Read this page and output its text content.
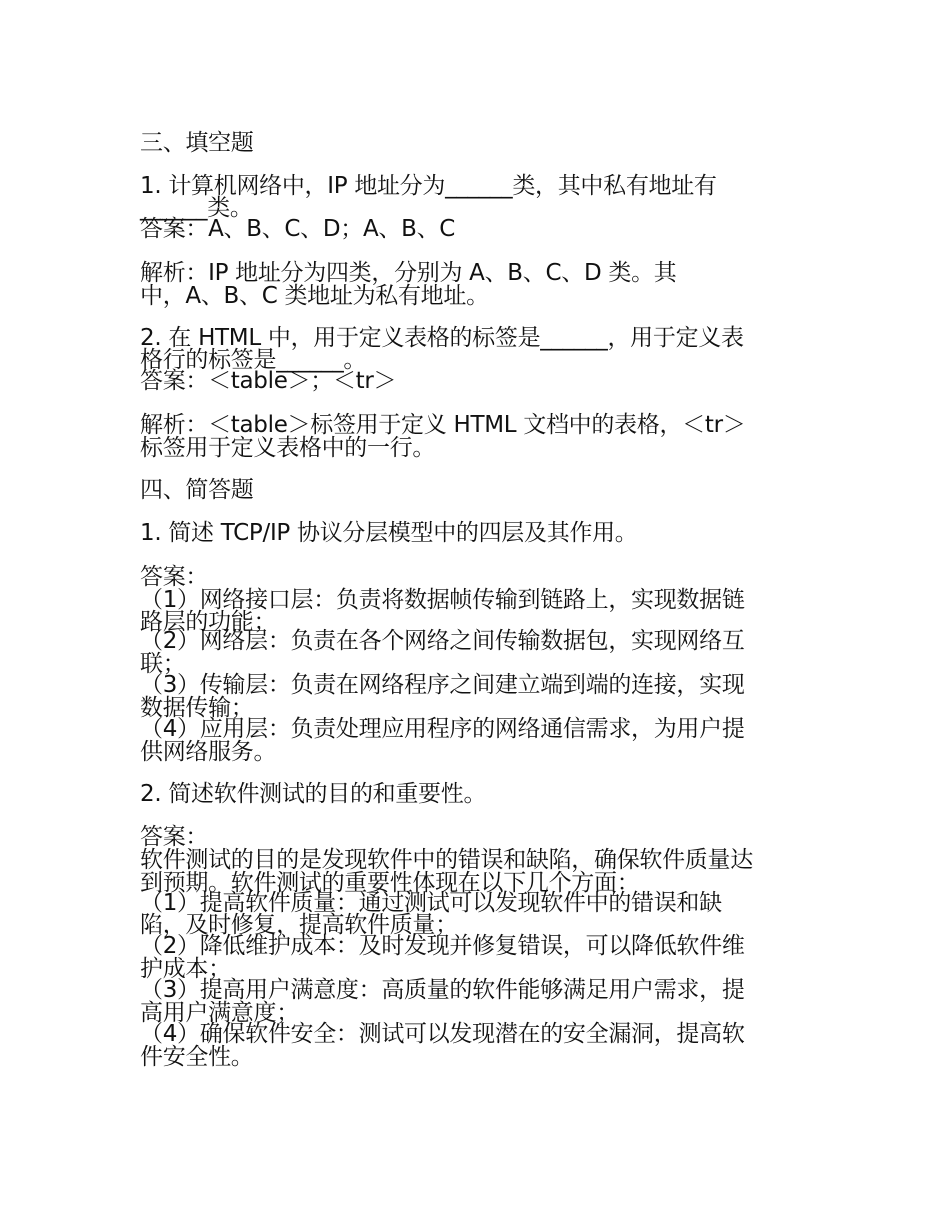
三、填空题

1. 计算机网络中，IP 地址分为______类，其中私有地址有

______类。

答案：A、B、C、D；A、B、C

解析：IP 地址分为四类，分别为 A、B、C、D 类。其

中，A、B、C 类地址为私有地址。

2. 在 HTML 中，用于定义表格的标签是______，用于定义表

格行的标签是______。

答案：＜table＞；＜tr＞

解析：＜table＞标签用于定义 HTML 文档中的表格，＜tr＞

标签用于定义表格中的一行。

四、简答题

1. 简述 TCP/IP 协议分层模型中的四层及其作用。

答案：

（1）网络接口层：负责将数据帧传输到链路上，实现数据链

路层的功能；

（2）网络层：负责在各个网络之间传输数据包，实现网络互

联；

（3）传输层：负责在网络程序之间建立端到端的连接，实现

数据传输；

（4）应用层：负责处理应用程序的网络通信需求，为用户提

供网络服务。

2. 简述软件测试的目的和重要性。

答案：

软件测试的目的是发现软件中的错误和缺陷，确保软件质量达

到预期。软件测试的重要性体现在以下几个方面：

（1）提高软件质量：通过测试可以发现软件中的错误和缺

陷，及时修复，提高软件质量；

（2）降低维护成本：及时发现并修复错误，可以降低软件维

护成本；

（3）提高用户满意度：高质量的软件能够满足用户需求，提

高用户满意度；

（4）确保软件安全：测试可以发现潜在的安全漏洞，提高软

件安全性。
